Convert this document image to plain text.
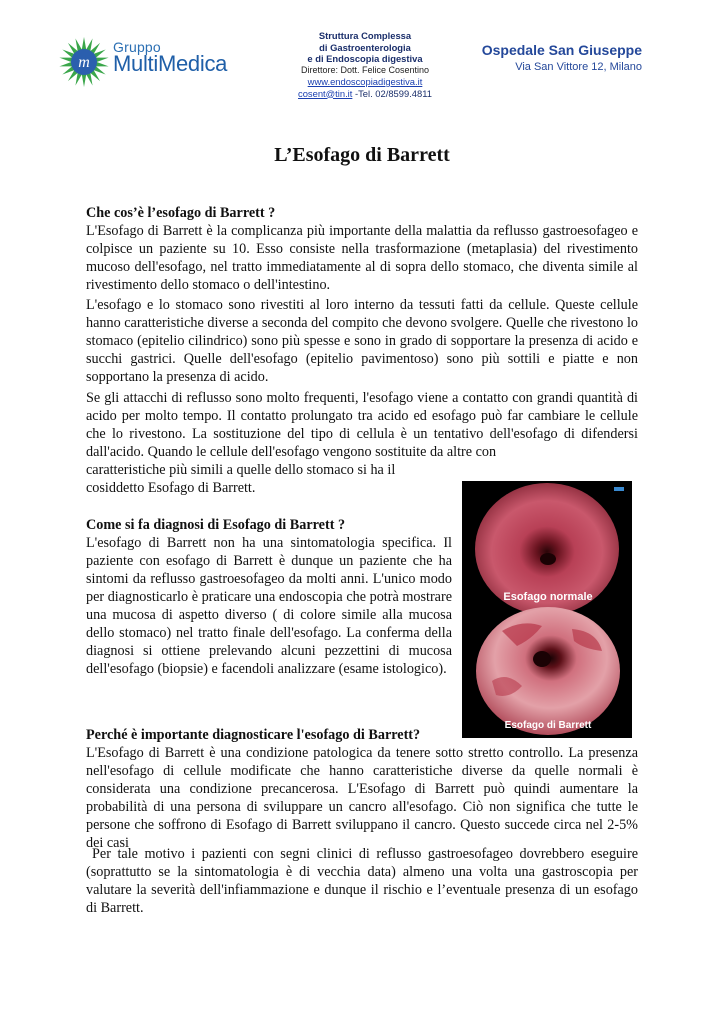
m
Gruppo
MultiMedica
Struttura Complessa
di Gastroenterologia
e di Endoscopia digestiva
Direttore: Dott. Felice Cosentino
www.endoscopiadigestiva.it
cosent@tin.it -Tel. 02/8599.4811
Ospedale San Giuseppe
Via San Vittore 12, Milano
L’Esofago di Barrett
Che cos’è l’esofago di Barrett ?
L'Esofago di Barrett è la complicanza più importante della malattia da reflusso gastroesofageo e colpisce un paziente su 10. Esso consiste nella trasformazione (metaplasia) del rivestimento mucoso dell'esofago, nel tratto immediatamente al di sopra dello stomaco, che diventa simile al rivestimento dello stomaco o dell'intestino.
L'esofago e lo stomaco sono rivestiti al loro interno da tessuti fatti da cellule. Queste cellule hanno caratteristiche diverse a seconda del compito che devono svolgere. Quelle che rivestono lo stomaco (epitelio cilindrico) sono più spesse e sono in grado di sopportare la presenza di acido e succhi gastrici. Quelle dell'esofago (epitelio pavimentoso) sono più sottili e piatte e non sopportano la presenza di acido.
Se gli attacchi di reflusso sono molto frequenti, l'esofago viene a contatto con grandi quantità di acido per molto tempo. Il contatto prolungato tra acido ed esofago può far cambiare le cellule che lo rivestono. La sostituzione del tipo di cellula è un tentativo dell'esofago di difendersi dall'acido. Quando le cellule dell'esofago vengono sostituite da altre con
caratteristiche più simili a quelle dello stomaco si ha il cosiddetto Esofago di Barrett.
Come si fa diagnosi di Esofago di Barrett ?
L'esofago di Barrett non ha una sintomatologia specifica. Il paziente con esofago di Barrett è dunque un paziente che ha sintomi da reflusso gastroesofageo da molti anni. L'unico modo per diagnosticarlo è praticare una endoscopia che potrà mostrare una mucosa di aspetto diverso ( di colore simile alla mucosa dello stomaco) nel tratto finale dell'esofago. La conferma della diagnosi si ottiene prelevando alcuni pezzettini di mucosa dell'esofago (biopsie) e facendoli analizzare (esame istologico).
Esofago normale
Esofago di Barrett
Perché è importante diagnosticare l'esofago di Barrett?
L'Esofago di Barrett è una condizione patologica da tenere sotto stretto controllo. La presenza nell'esofago di cellule modificate che hanno caratteristiche diverse da quelle normali è considerata una condizione precancerosa. L'Esofago di Barrett può quindi aumentare la probabilità di una persona di sviluppare un cancro all'esofago. Ciò non significa che tutte le persone che soffrono di Esofago di Barrett sviluppano il cancro. Questo succede circa nel 2-5% dei casi
Per tale motivo i pazienti con segni clinici di reflusso gastroesofageo dovrebbero eseguire (soprattutto se la sintomatologia è di vecchia data) almeno una volta una gastroscopia per valutare la severità dell'infiammazione e dunque il rischio e l’eventuale presenza di un esofago di Barrett.
